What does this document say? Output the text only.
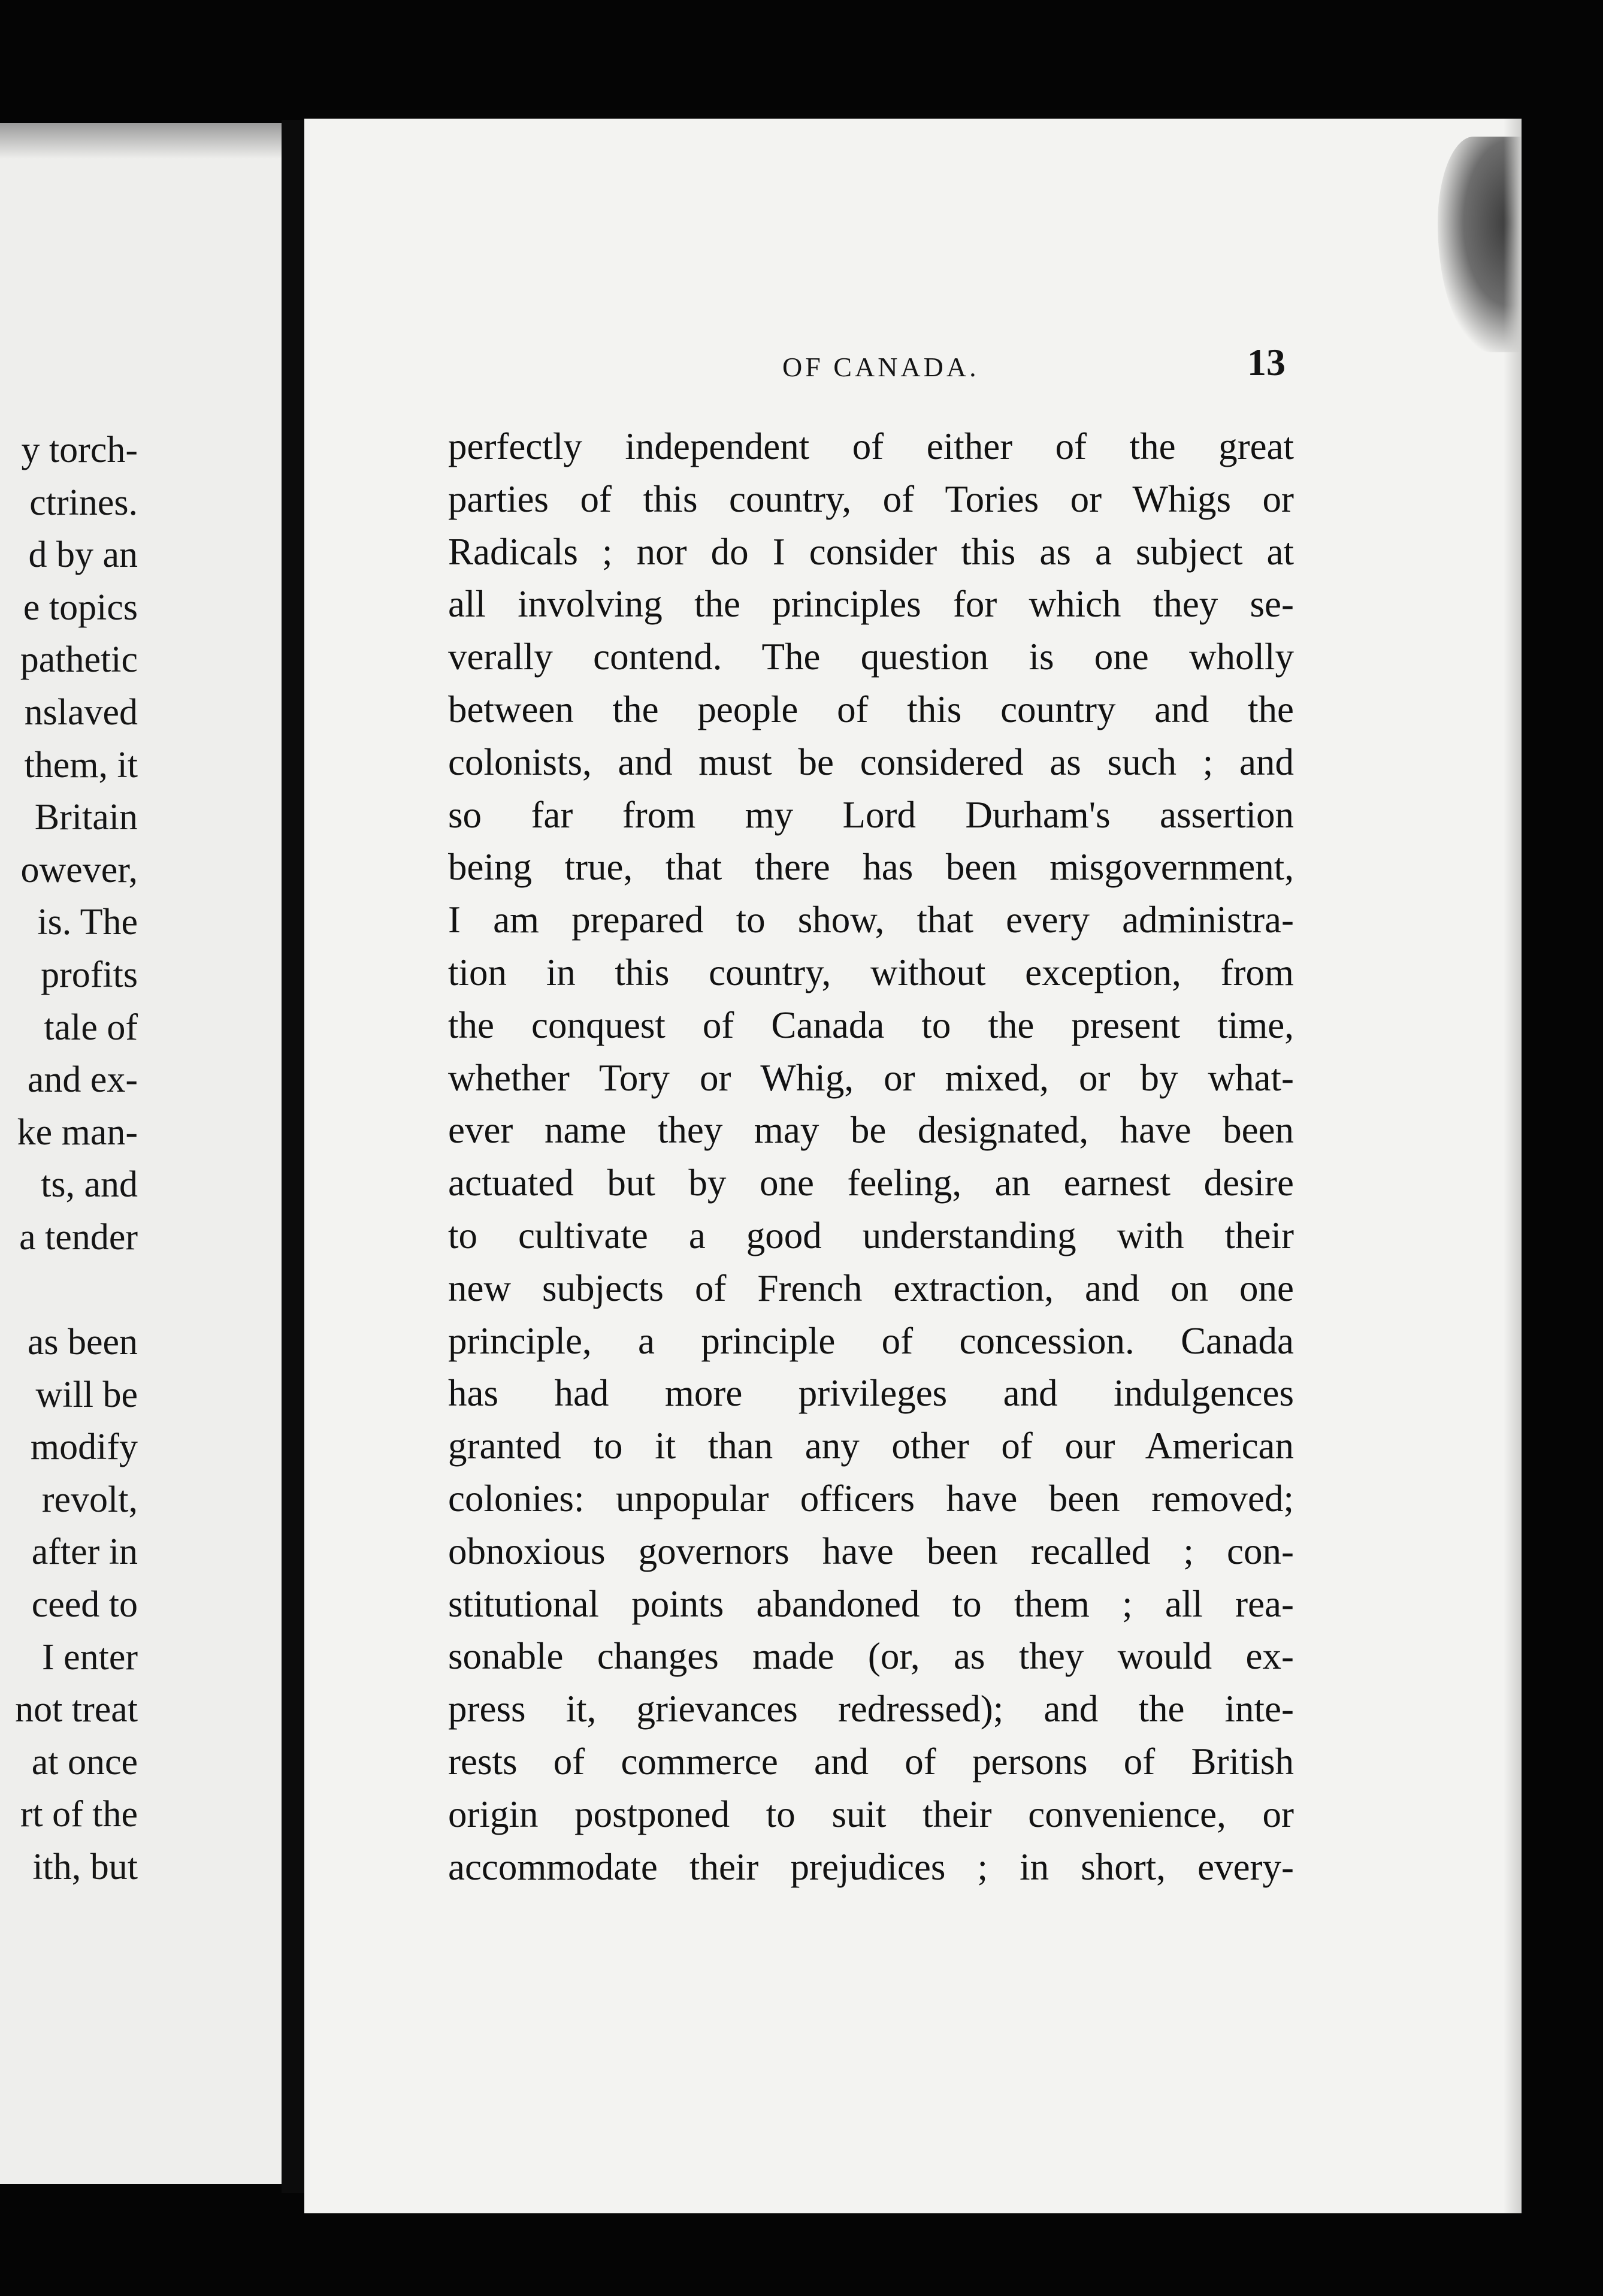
y torch-
ctrines.
d by an
e topics
pathetic
nslaved
them, it
Britain
owever,
is. The
profits
tale of
and ex-
ke man-
ts, and
a tender
as been
will be
modify
revolt,
after in
ceed to
I enter
not treat
at once
rt of the
ith, but
OF CANADA.	13
perfectly independent of either of the great
parties of this country, of Tories or Whigs or
Radicals ; nor do I consider this as a subject at
all involving the principles for which they se-
verally contend. The question is one wholly
between the people of this country and the
colonists, and must be considered as such ; and
so far from my Lord Durham's assertion
being true, that there has been misgovernment,
I am prepared to show, that every administra-
tion in this country, without exception, from
the conquest of Canada to the present time,
whether Tory or Whig, or mixed, or by what-
ever name they may be designated, have been
actuated but by one feeling, an earnest desire
to cultivate a good understanding with their
new subjects of French extraction, and on one
principle, a principle of concession. Canada
has had more privileges and indulgences
granted to it than any other of our American
colonies: unpopular officers have been removed;
obnoxious governors have been recalled ; con-
stitutional points abandoned to them ; all rea-
sonable changes made (or, as they would ex-
press it, grievances redressed); and the inte-
rests of commerce and of persons of British
origin postponed to suit their convenience, or
accommodate their prejudices ; in short, every-
